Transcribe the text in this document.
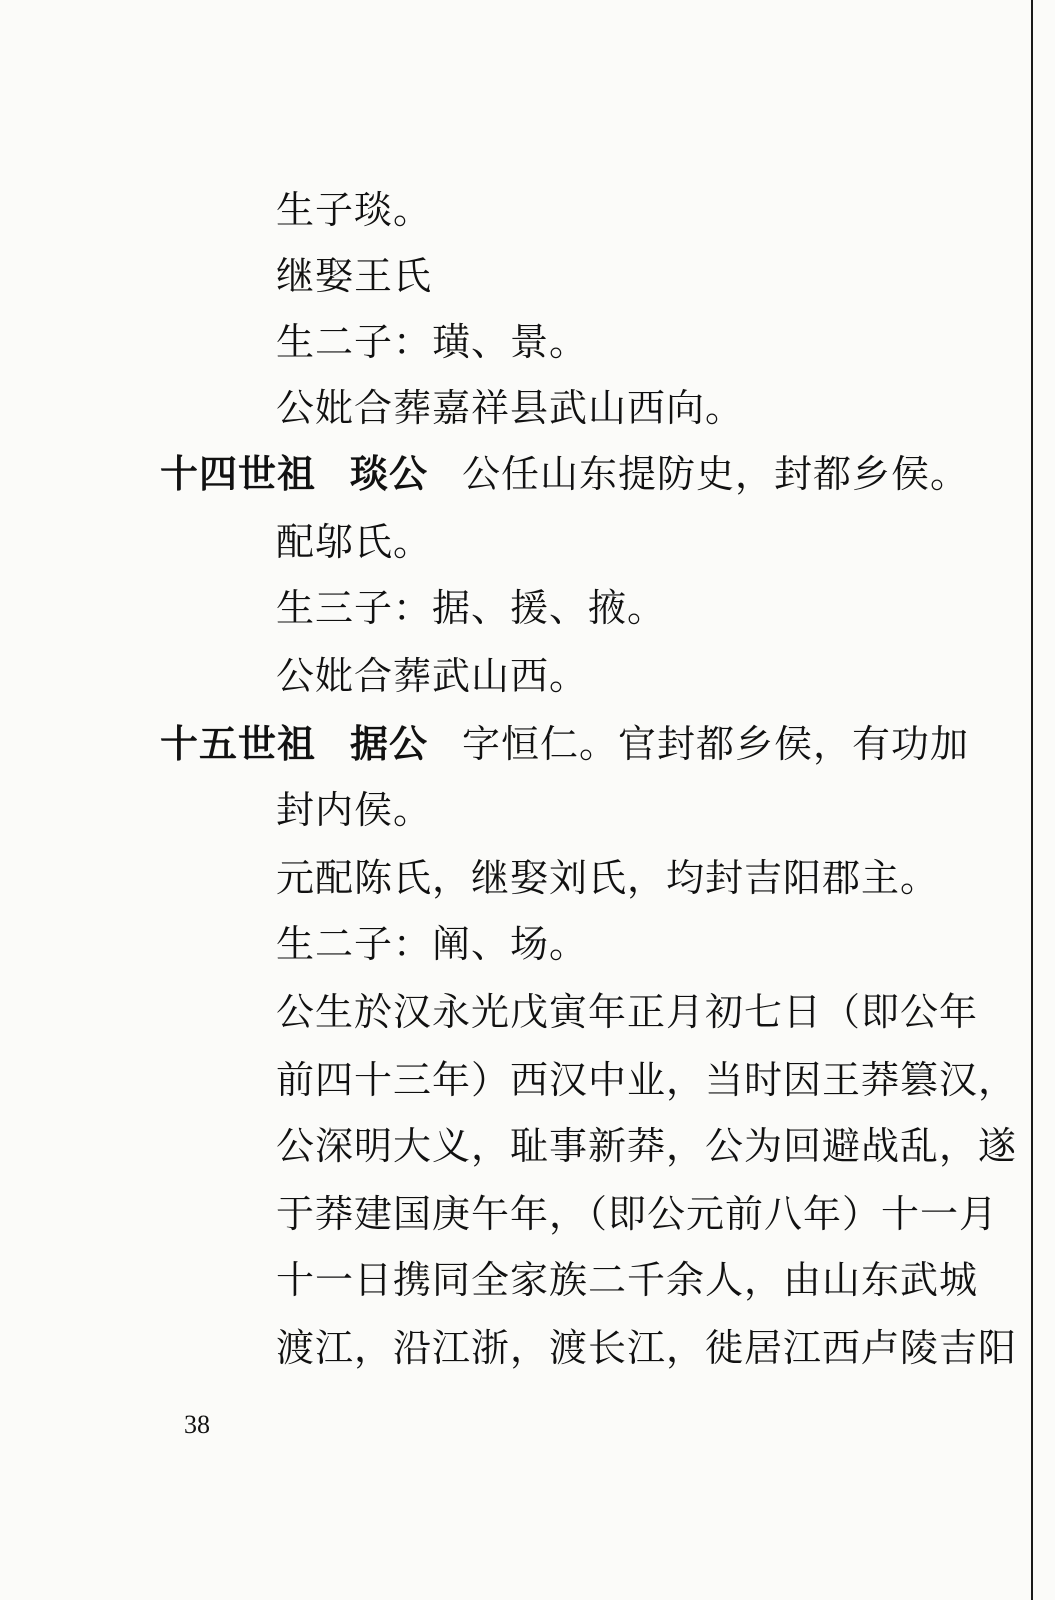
生子琰。
继娶王氏
生二子：璜、景。
公妣合葬嘉祥县武山西向。
十四世祖 琰公 公任山东提防史，封都乡侯。
配邬氏。
生三子：据、援、掖。
公妣合葬武山西。
十五世祖 据公 字恒仁。官封都乡侯，有功加
封内侯。
元配陈氏，继娶刘氏，均封吉阳郡主。
生二子：阐、场。
公生於汉永光戊寅年正月初七日（即公年
前四十三年）西汉中业，当时因王莽篡汉，
公深明大义，耻事新莽，公为回避战乱，遂
于莽建国庚午年，（即公元前八年）十一月
十一日携同全家族二千余人，由山东武城
渡江，沿江浙，渡长江，徙居江西卢陵吉阳
38
